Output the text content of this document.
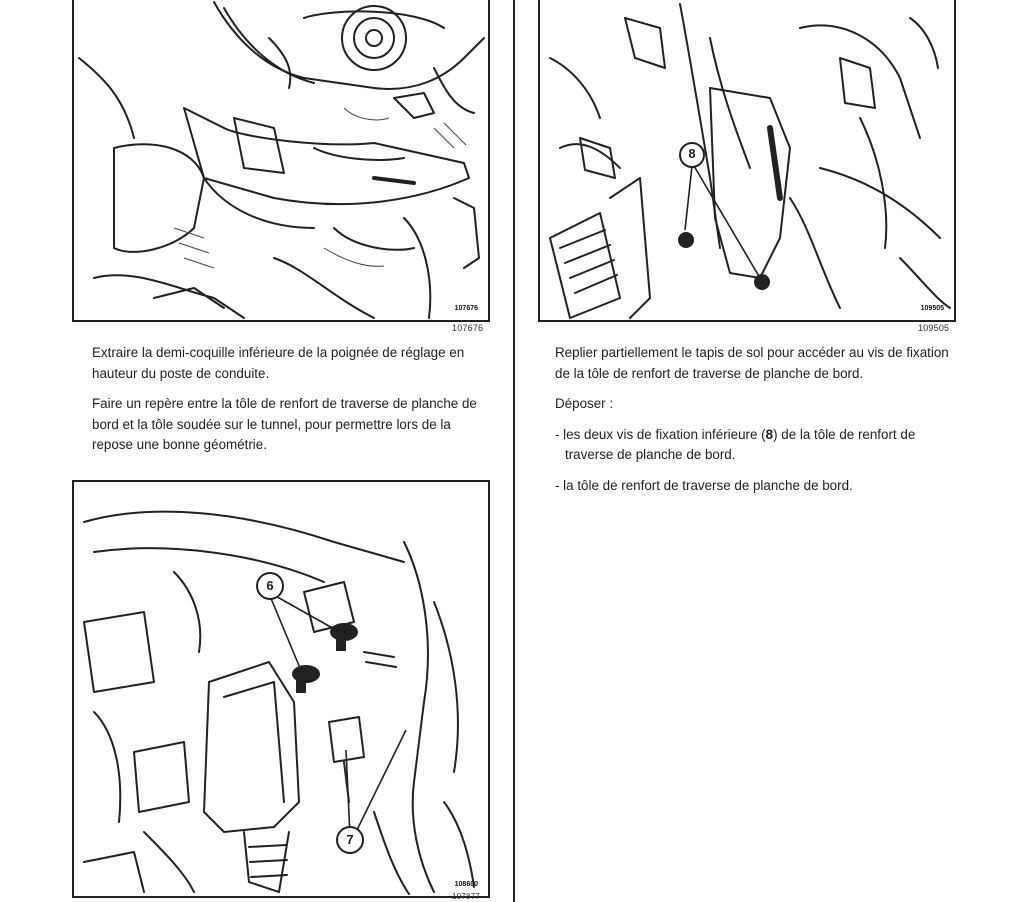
107676
107676
8
109505
109505

Extraire la demi-coquille inférieure de la poignée de réglage en hauteur du poste de conduite.

Faire un repère entre la tôle de renfort de traverse de planche de bord et la tôle soudée sur le tunnel, pour permettre lors de la repose une bonne géométrie.

Replier partiellement le tapis de sol pour accéder au vis de fixation de la tôle de renfort de traverse de planche de bord.

Déposer :

- les deux vis de fixation inférieure (8) de la tôle de renfort de traverse de planche de bord.

- la tôle de renfort de traverse de planche de bord.

6
7
108600
107877
